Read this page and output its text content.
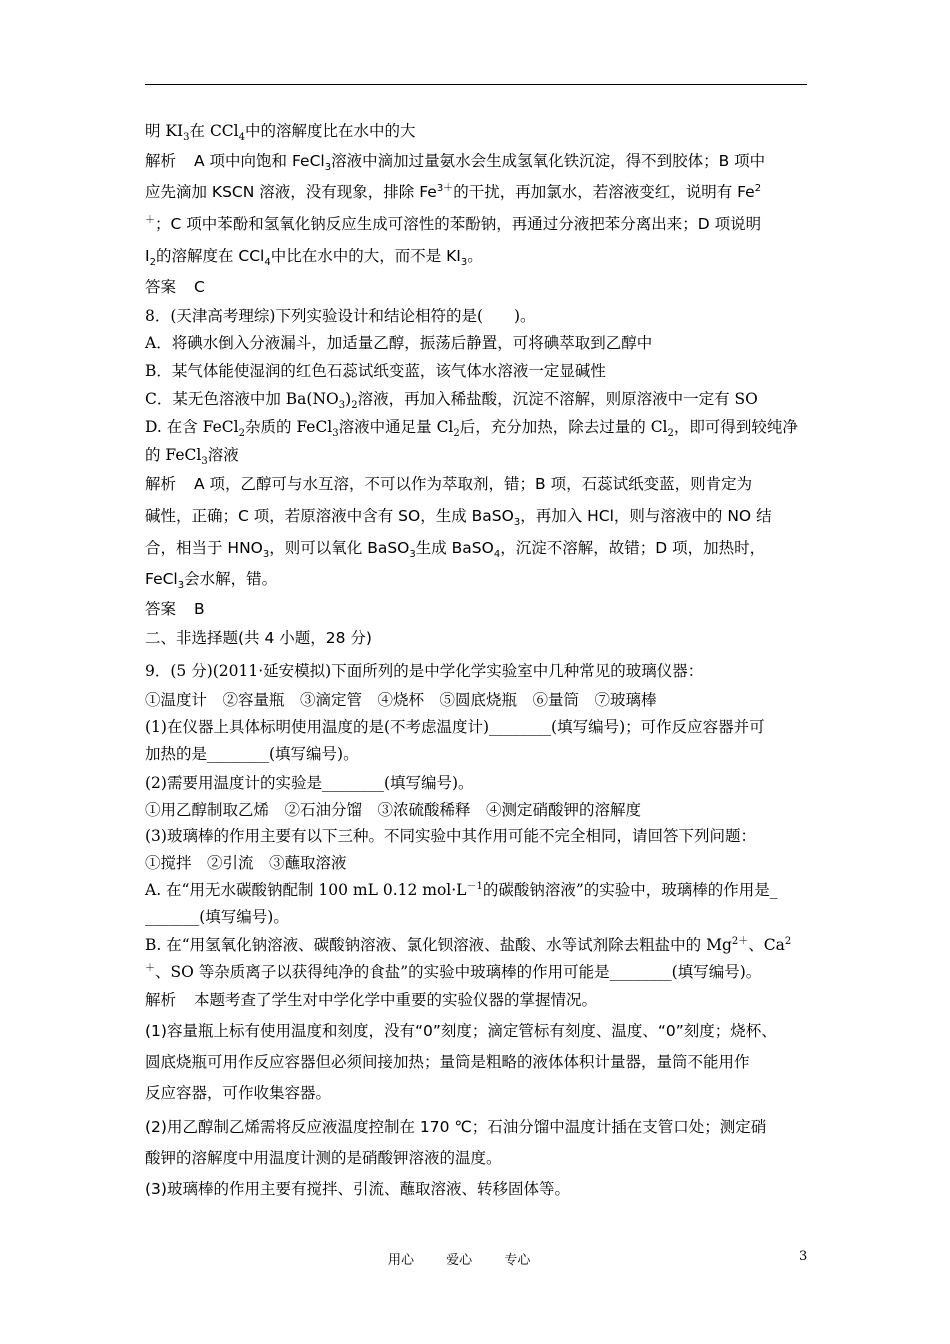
明 $KI_3$在 CCl$_4$中的溶解度比在水中的大
解析 A 项中向饱和 FeCl$_3$溶液中滴加过量氨水会生成氢氧化铁沉淀，得不到胶体；B 项中
应先滴加 KSCN 溶液，没有现象，排除 $Fe^{3+}$的干扰，再加氯水，若溶液变红，说明有 Fe$^2$
＋；C 项中苯酚和氢氧化钠反应生成可溶性的苯酚钠，再通过分液把苯分离出来；D 项说明
$I_2$的溶解度在 CCl$_4$中比在水中的大，而不是 $KI_3$。
答案 C
8．(天津高考理综)下列实验设计和结论相符的是(　　)。
A．将碘水倒入分液漏斗，加适量乙醇，振荡后静置，可将碘萃取到乙醇中
B．某气体能使湿润的红色石蕊试纸变蓝，该气体水溶液一定显碱性
C．某无色溶液中加 $Ba(NO_3)_2$溶液，再加入稀盐酸，沉淀不溶解，则原溶液中一定有 SO
D. 在含 FeCl$_2$杂质的 FeCl$_3$溶液中通足量 $Cl_2$后，充分加热，除去过量的 $Cl_2$，即可得到较纯净
的 FeCl$_3$溶液
解析 A 项，乙醇可与水互溶，不可以作为萃取剂，错；B 项，石蕊试纸变蓝，则肯定为
碱性，正确；C 项，若原溶液中含有 SO，生成 BaSO$_3$，再加入 HCl，则与溶液中的 NO 结
合，相当于 $HNO_3$，则可以氧化 BaSO$_3$生成 BaSO$_4$，沉淀不溶解，故错；D 项，加热时，
FeCl$_3$会水解，错。
答案 B
二、非选择题(共 4 小题，28 分)
9．(5 分)(2011·延安模拟)下面所列的是中学化学实验室中几种常见的玻璃仪器：
①温度计　②容量瓶　③滴定管　④烧杯　⑤圆底烧瓶　⑥量筒　⑦玻璃棒
(1)在仪器上具体标明使用温度的是(不考虑温度计)________(填写编号)；可作反应容器并可
加热的是________(填写编号)。
(2)需要用温度计的实验是________(填写编号)。
①用乙醇制取乙烯　②石油分馏　③浓硫酸稀释　④测定硝酸钾的溶解度
(3)玻璃棒的作用主要有以下三种。不同实验中其作用可能不完全相同，请回答下列问题：
①搅拌　②引流　③蘸取溶液
A. 在“用无水碳酸钠配制 100 mL 0.12 $mol\cdot L^{-1}$的碳酸钠溶液”的实验中，玻璃棒的作用是_
_______(填写编号)。
B. 在“用氢氧化钠溶液、碳酸钠溶液、氯化钡溶液、盐酸、水等试剂除去粗盐中的 $Mg^{2+}$、Ca$^2$
＋、SO 等杂质离子以获得纯净的食盐”的实验中玻璃棒的作用可能是________(填写编号)。
解析 本题考查了学生对中学化学中重要的实验仪器的掌握情况。
(1)容量瓶上标有使用温度和刻度，没有“0”刻度；滴定管标有刻度、温度、“0”刻度；烧杯、
圆底烧瓶可用作反应容器但必须间接加热；量筒是粗略的液体体积计量器，量筒不能用作
反应容器，可作收集容器。
(2)用乙醇制乙烯需将反应液温度控制在 170 ℃；石油分馏中温度计插在支管口处；测定硝
酸钾的溶解度中用温度计测的是硝酸钾溶液的温度。
(3)玻璃棒的作用主要有搅拌、引流、蘸取溶液、转移固体等。
用心 爱心 专心	3
